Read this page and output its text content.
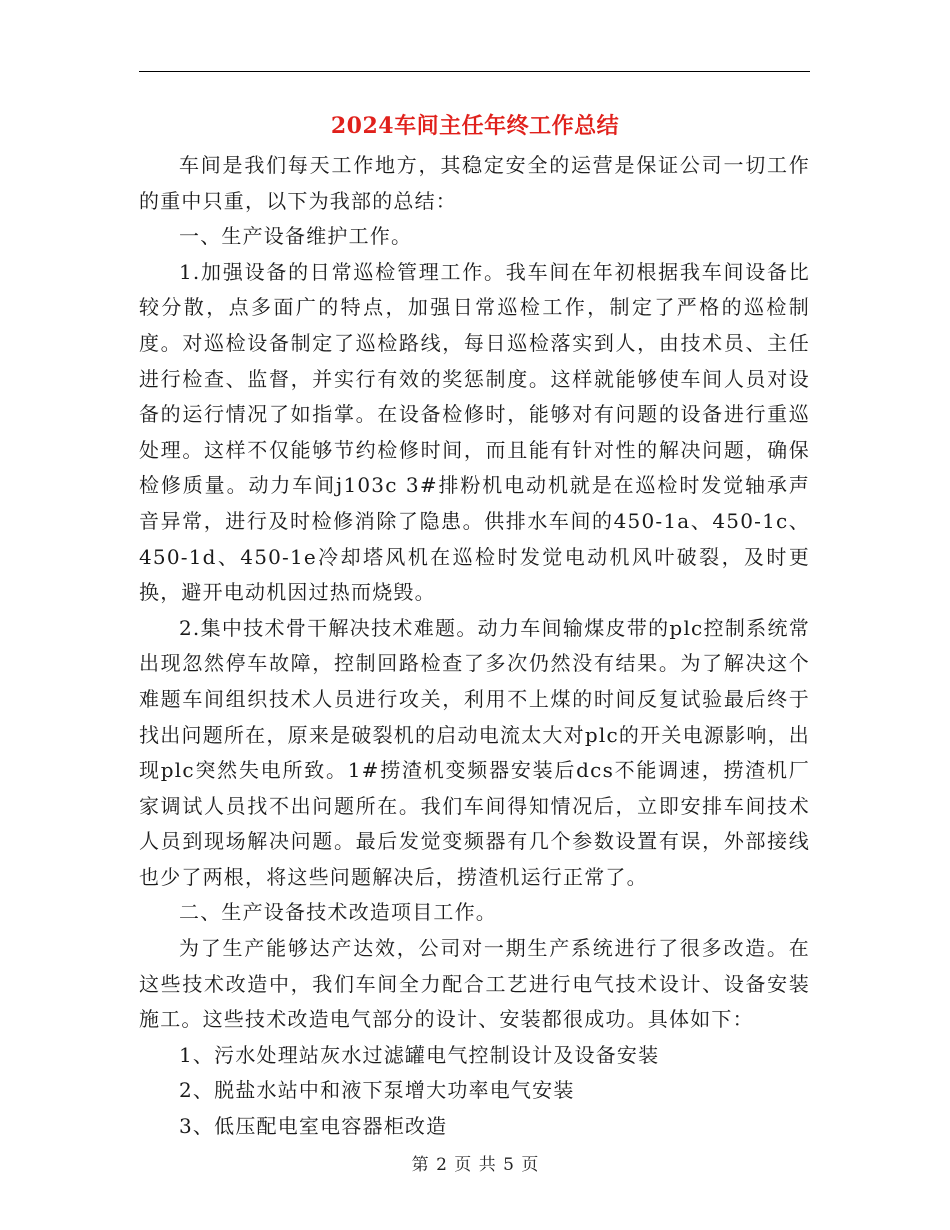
2024车间主任年终工作总结

车间是我们每天工作地方，其稳定安全的运营是保证公司一切工作的重中只重，以下为我部的总结：

一、生产设备维护工作。

1.加强设备的日常巡检管理工作。我车间在年初根据我车间设备比较分散，点多面广的特点，加强日常巡检工作，制定了严格的巡检制度。对巡检设备制定了巡检路线，每日巡检落实到人，由技术员、主任进行检查、监督，并实行有效的奖惩制度。这样就能够使车间人员对设备的运行情况了如指掌。在设备检修时，能够对有问题的设备进行重巡处理。这样不仅能够节约检修时间，而且能有针对性的解决问题，确保检修质量。动力车间j103c 3#排粉机电动机就是在巡检时发觉轴承声音异常，进行及时检修消除了隐患。供排水车间的450-1a、450-1c、450-1d、450-1e冷却塔风机在巡检时发觉电动机风叶破裂，及时更换，避开电动机因过热而烧毁。

2.集中技术骨干解决技术难题。动力车间输煤皮带的plc控制系统常出现忽然停车故障，控制回路检查了多次仍然没有结果。为了解决这个难题车间组织技术人员进行攻关，利用不上煤的时间反复试验最后终于找出问题所在，原来是破裂机的启动电流太大对plc的开关电源影响，出现plc突然失电所致。1#捞渣机变频器安装后dcs不能调速，捞渣机厂家调试人员找不出问题所在。我们车间得知情况后，立即安排车间技术人员到现场解决问题。最后发觉变频器有几个参数设置有误，外部接线也少了两根，将这些问题解决后，捞渣机运行正常了。

二、生产设备技术改造项目工作。

为了生产能够达产达效，公司对一期生产系统进行了很多改造。在这些技术改造中，我们车间全力配合工艺进行电气技术设计、设备安装施工。这些技术改造电气部分的设计、安装都很成功。具体如下：

1、污水处理站灰水过滤罐电气控制设计及设备安装

2、脱盐水站中和液下泵增大功率电气安装

3、低压配电室电容器柜改造

第 2 页 共 5 页
